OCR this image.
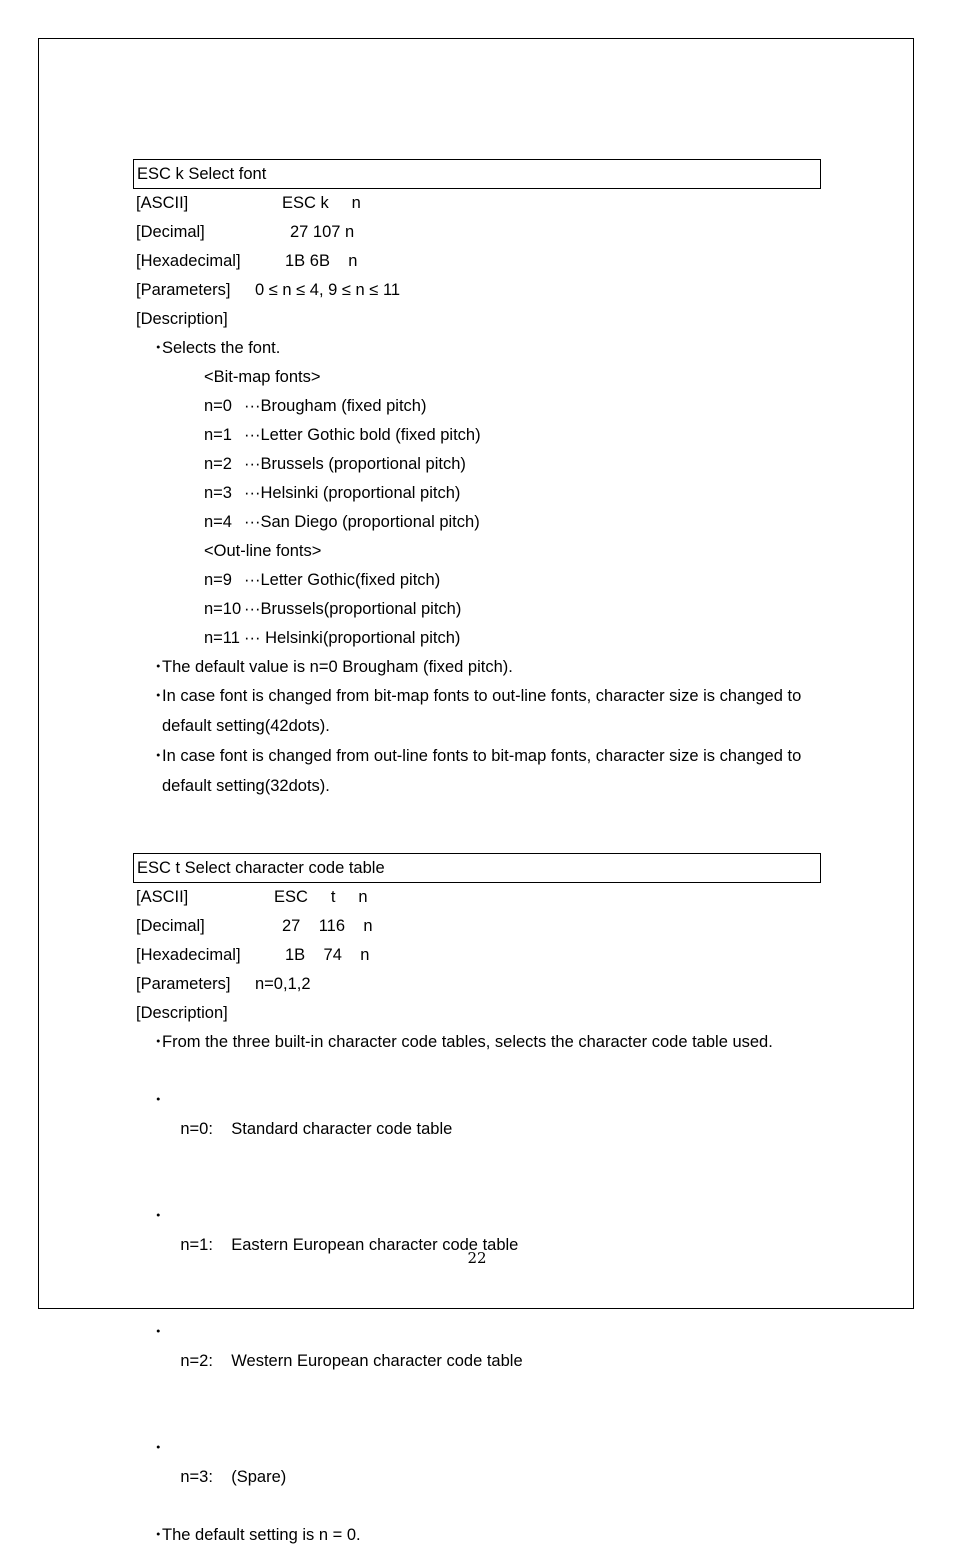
ESC k Select font
[ASCII]	ESC k     n
[Decimal]	27 107 n
[Hexadecimal]	1B 6B    n
[Parameters] 0 ≤ n ≤ 4, 9 ≤ n ≤ 11
[Description]
・
Selects the font.
<Bit-map fonts>
n=0 ···Brougham (fixed pitch)
n=1 ···Letter Gothic bold (fixed pitch)
n=2 ···Brussels (proportional pitch)
n=3 ···Helsinki (proportional pitch)
n=4 ···San Diego (proportional pitch)
<Out-line fonts>
n=9 ···Letter Gothic(fixed pitch)
n=10 ···Brussels(proportional pitch)
n=11 ··· Helsinki(proportional pitch)
・
The default value is n=0 Brougham (fixed pitch).
・
In case font is changed from bit-map fonts to out-line fonts, character size is changed to
default setting(42dots).
・
In case font is changed from out-line fonts to bit-map fonts, character size is changed to
default setting(32dots).
ESC t Select character code table
[ASCII]	ESC     t     n
[Decimal]	27    116    n
[Hexadecimal]	1B    74    n
[Parameters] n=0,1,2
[Description]
・
From the three built-in character code tables, selects the character code table used.

・

n=0:    Standard character code table

・

n=1:    Eastern European character code table

・

n=2:    Western European character code table

・

n=3:    (Spare)

・
The default setting is n = 0.
22
